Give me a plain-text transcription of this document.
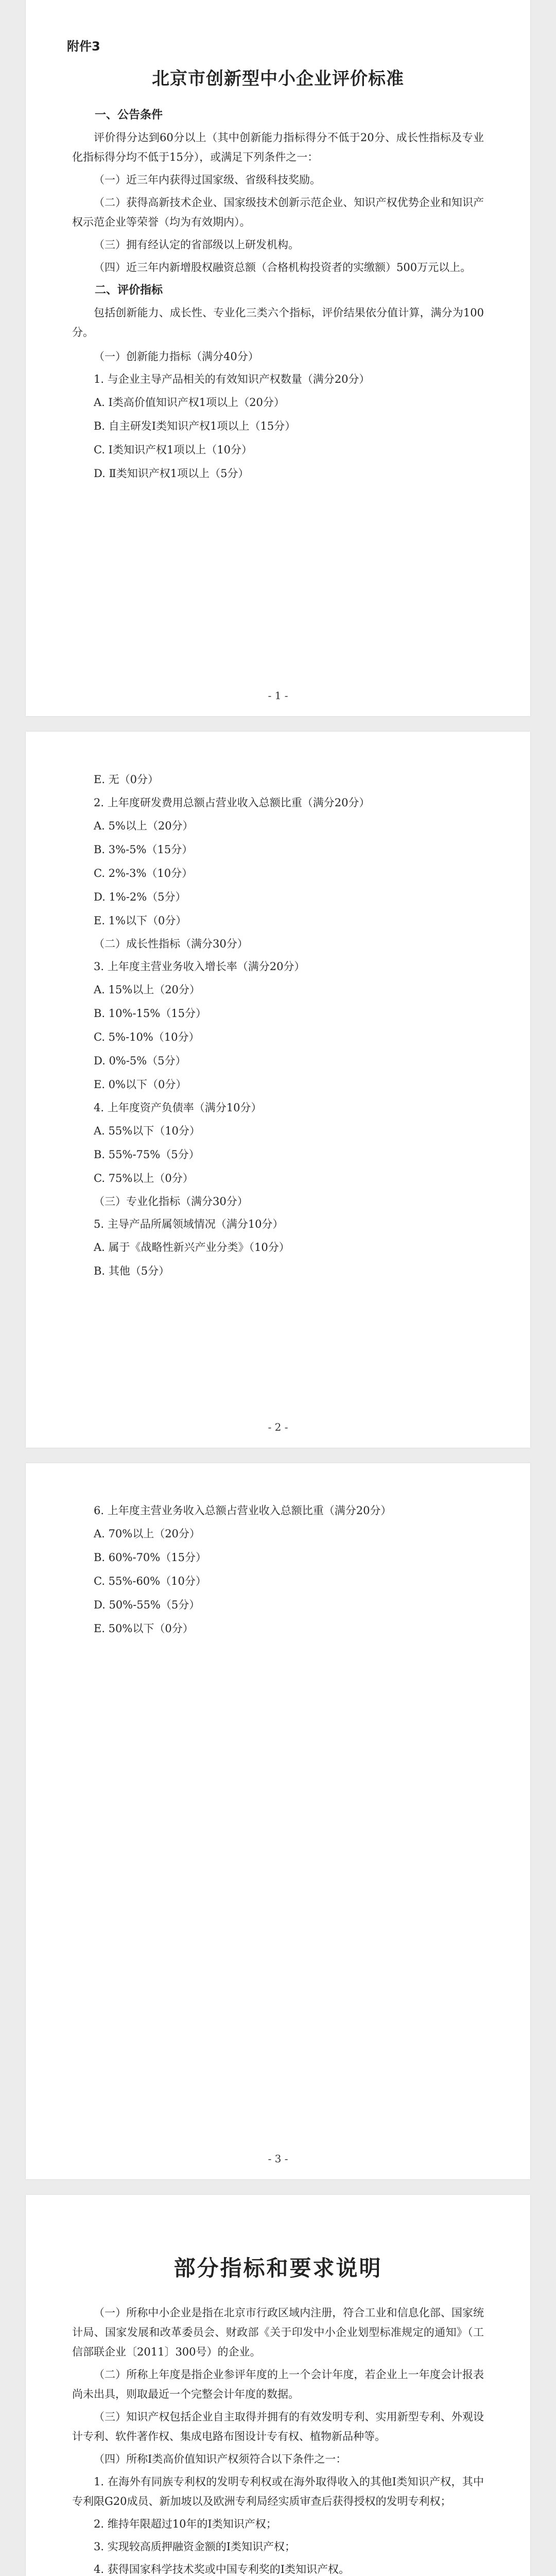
附件3
北京市创新型中小企业评价标准
一、公告条件
评价得分达到60分以上（其中创新能力指标得分不低于20分、成长性指标及专业化指标得分均不低于15分），或满足下列条件之一：
（一）近三年内获得过国家级、省级科技奖励。
（二）获得高新技术企业、国家级技术创新示范企业、知识产权优势企业和知识产权示范企业等荣誉（均为有效期内）。
（三）拥有经认定的省部级以上研发机构。
（四）近三年内新增股权融资总额（合格机构投资者的实缴额）500万元以上。
二、评价指标
包括创新能力、成长性、专业化三类六个指标，评价结果依分值计算，满分为100分。
（一）创新能力指标（满分40分）
1. 与企业主导产品相关的有效知识产权数量（满分20分）
A. Ⅰ类高价值知识产权1项以上（20分）
B. 自主研发Ⅰ类知识产权1项以上（15分）
C. Ⅰ类知识产权1项以上（10分）
D. Ⅱ类知识产权1项以上（5分）
- 1 -
E. 无（0分）
2. 上年度研发费用总额占营业收入总额比重（满分20分）
A. 5%以上（20分）
B. 3%-5%（15分）
C. 2%-3%（10分）
D. 1%-2%（5分）
E. 1%以下（0分）
（二）成长性指标（满分30分）
3. 上年度主营业务收入增长率（满分20分）
A. 15%以上（20分）
B. 10%-15%（15分）
C. 5%-10%（10分）
D. 0%-5%（5分）
E. 0%以下（0分）
4. 上年度资产负债率（满分10分）
A. 55%以下（10分）
B. 55%-75%（5分）
C. 75%以上（0分）
（三）专业化指标（满分30分）
5. 主导产品所属领域情况（满分10分）
A. 属于《战略性新兴产业分类》（10分）
B. 其他（5分）
- 2 -
6. 上年度主营业务收入总额占营业收入总额比重（满分20分）
A. 70%以上（20分）
B. 60%-70%（15分）
C. 55%-60%（10分）
D. 50%-55%（5分）
E. 50%以下（0分）
- 3 -
部分指标和要求说明
（一）所称中小企业是指在北京市行政区域内注册，符合工业和信息化部、国家统计局、国家发展和改革委员会、财政部《关于印发中小企业划型标准规定的通知》（工信部联企业〔2011〕300号）的企业。
（二）所称上年度是指企业参评年度的上一个会计年度，若企业上一年度会计报表尚未出具，则取最近一个完整会计年度的数据。
（三）知识产权包括企业自主取得并拥有的有效发明专利、实用新型专利、外观设计专利、软件著作权、集成电路布图设计专有权、植物新品种等。
（四）所称Ⅰ类高价值知识产权须符合以下条件之一：
1. 在海外有同族专利权的发明专利权或在海外取得收入的其他Ⅰ类知识产权，其中专利限G20成员、新加坡以及欧洲专利局经实质审查后获得授权的发明专利权；
2. 维持年限超过10年的Ⅰ类知识产权；
3. 实现较高质押融资金额的Ⅰ类知识产权；
4. 获得国家科学技术奖或中国专利奖的Ⅰ类知识产权。
